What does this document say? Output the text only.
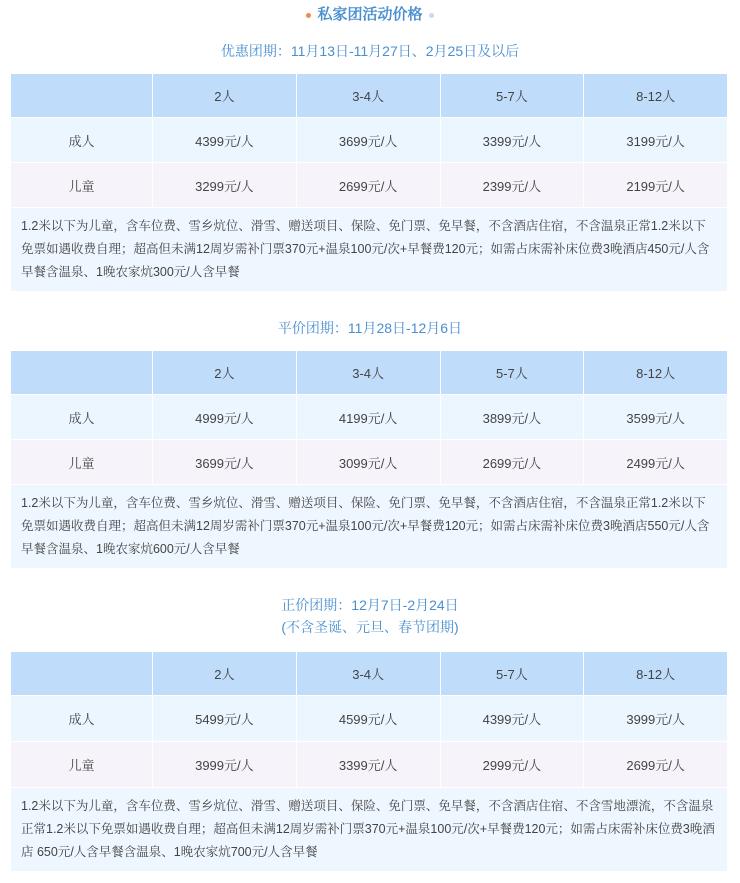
私家团活动价格
优惠团期：11月13日-11月27日、2月25日及以后
	2人	3-4人	5-7人	8-12人
成人	4399元/人	3699元/人	3399元/人	3199元/人
儿童	3299元/人	2699元/人	2399元/人	2199元/人
1.2米以下为儿童，含车位费、雪乡炕位、滑雪、赠送项目、保险、免门票、免早餐，不含酒店住宿，不含温泉正常1.2米以下免票如遇收费自理；超高但未满12周岁需补门票370元+温泉100元/次+早餐费120元；如需占床需补床位费3晚酒店450元/人含早餐含温泉、1晚农家炕300元/人含早餐				
平价团期：11月28日-12月6日
	2人	3-4人	5-7人	8-12人
成人	4999元/人	4199元/人	3899元/人	3599元/人
儿童	3699元/人	3099元/人	2699元/人	2499元/人
1.2米以下为儿童，含车位费、雪乡炕位、滑雪、赠送项目、保险、免门票、免早餐，不含酒店住宿，不含温泉正常1.2米以下免票如遇收费自理；超高但未满12周岁需补门票370元+温泉100元/次+早餐费120元；如需占床需补床位费3晚酒店550元/人含早餐含温泉、1晚农家炕600元/人含早餐				
正价团期：12月7日-2月24日
(不含圣诞、元旦、春节团期)
	2人	3-4人	5-7人	8-12人
成人	5499元/人	4599元/人	4399元/人	3999元/人
儿童	3999元/人	3399元/人	2999元/人	2699元/人
1.2米以下为儿童，含车位费、雪乡炕位、滑雪、赠送项目、保险、免门票、免早餐，不含酒店住宿、不含雪地漂流，不含温泉正常1.2米以下免票如遇收费自理；超高但未满12周岁需补门票370元+温泉100元/次+早餐费120元；如需占床需补床位费3晚酒店 650元/人含早餐含温泉、1晚农家炕700元/人含早餐				
